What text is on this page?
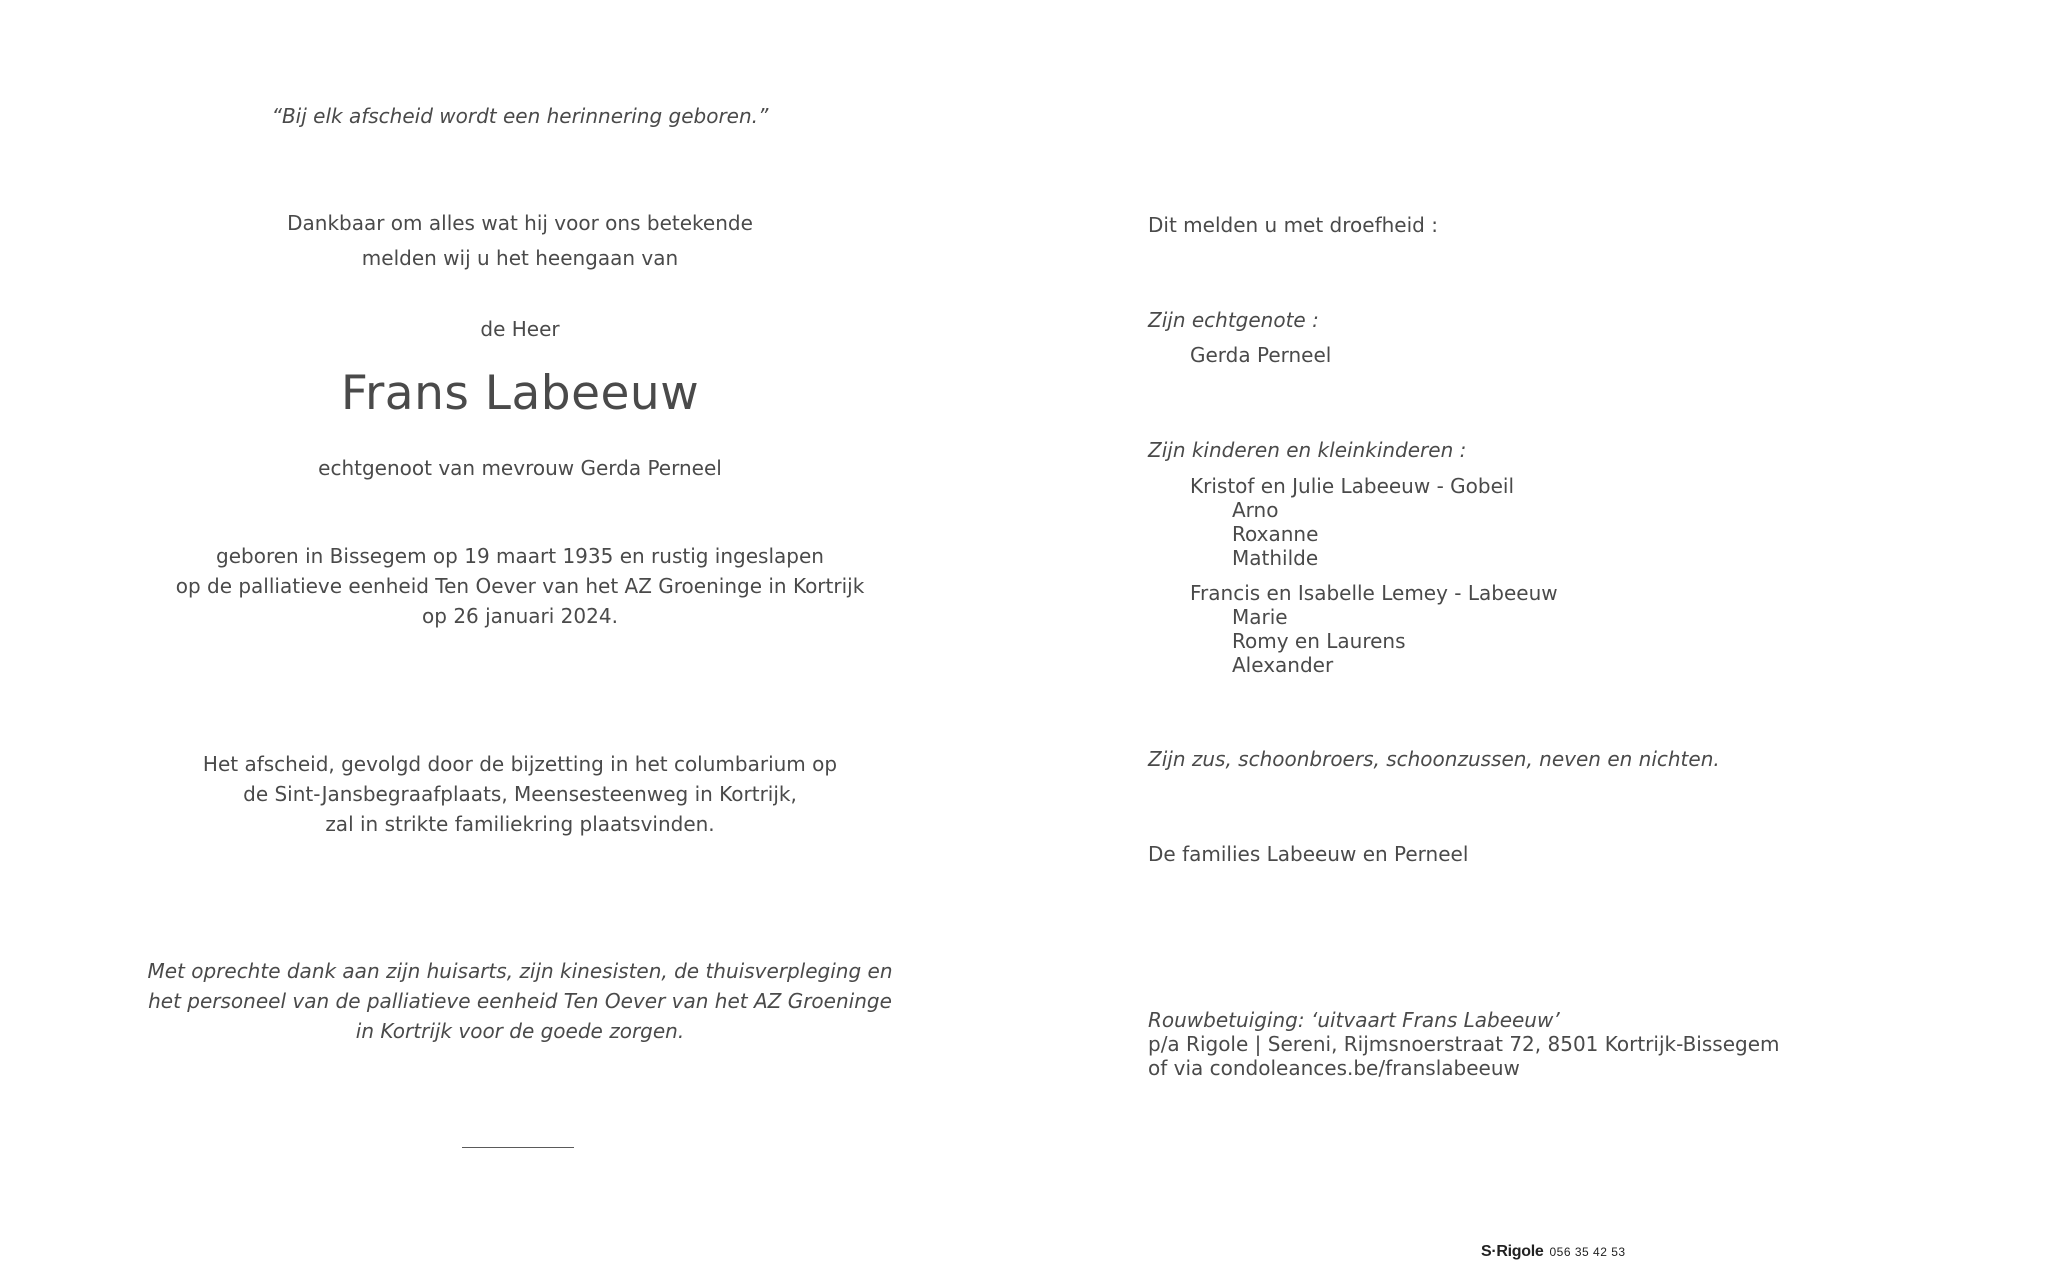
“Bij elk afscheid wordt een herinnering geboren.”
Dankbaar om alles wat hij voor ons betekende
melden wij u het heengaan van
de Heer
Frans Labeeuw
echtgenoot van mevrouw Gerda Perneel
geboren in Bissegem op 19 maart 1935 en rustig ingeslapen
op de palliatieve eenheid Ten Oever van het AZ Groeninge in Kortrijk
op 26 januari 2024.
Het afscheid, gevolgd door de bijzetting in het columbarium op
de Sint-Jansbegraafplaats, Meensesteenweg in Kortrijk,
zal in strikte familiekring plaatsvinden.
Met oprechte dank aan zijn huisarts, zijn kinesisten, de thuisverpleging en
het personeel van de palliatieve eenheid Ten Oever van het AZ Groeninge
in Kortrijk voor de goede zorgen.
Dit melden u met droefheid :
Zijn echtgenote :
Gerda Perneel
Zijn kinderen en kleinkinderen :
Kristof en Julie Labeeuw - Gobeil
Arno
Roxanne
Mathilde
Francis en Isabelle Lemey - Labeeuw
Marie
Romy en Laurens
Alexander
Zijn zus, schoonbroers, schoonzussen, neven en nichten.
De families Labeeuw en Perneel
Rouwbetuiging: ‘uitvaart Frans Labeeuw’
p/a Rigole | Sereni, Rijmsnoerstraat 72, 8501 Kortrijk-Bissegem
of via condoleances.be/franslabeeuw
S·Rigole 056 35 42 53
